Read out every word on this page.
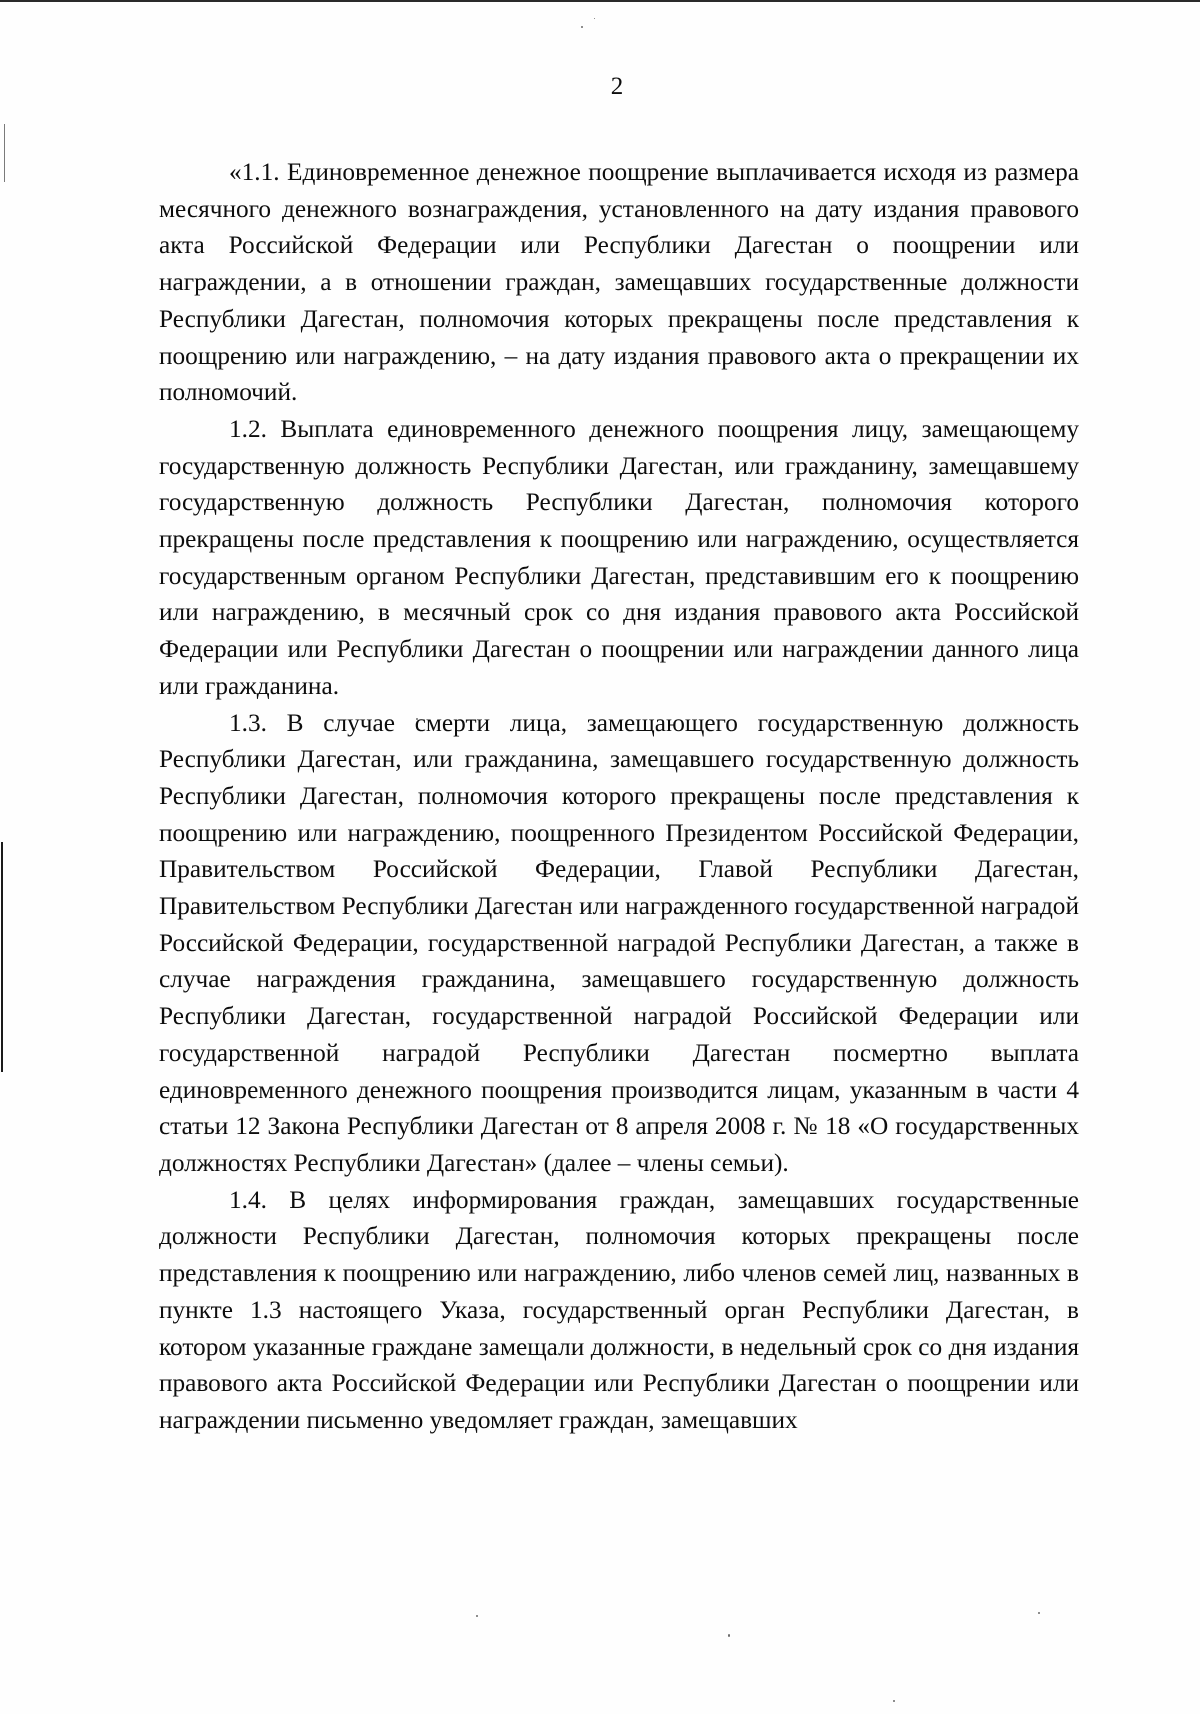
2

«1.1. Единовременное денежное поощрение выплачивается исходя из размера месячного денежного вознаграждения, установленного на дату издания правового акта Российской Федерации или Республики Дагестан о поощрении или награждении, а в отношении граждан, замещавших государственные должности Республики Дагестан, полномочия которых прекращены после представления к поощрению или награждению, – на дату издания правового акта о прекращении их полномочий.

1.2. Выплата единовременного денежного поощрения лицу, замещающему государственную должность Республики Дагестан, или гражданину, замещавшему государственную должность Республики Дагестан, полномочия которого прекращены после представления к поощрению или награждению, осуществляется государственным органом Республики Дагестан, представившим его к поощрению или награждению, в месячный срок со дня издания правового акта Российской Федерации или Республики Дагестан о поощрении или награждении данного лица или гражданина.

1.3. В случае смерти лица, замещающего государственную должность Республики Дагестан, или гражданина, замещавшего государственную должность Республики Дагестан, полномочия которого прекращены после представления к поощрению или награждению, поощренного Президентом Российской Федерации, Правительством Российской Федерации, Главой Республики Дагестан, Правительством Республики Дагестан или награжденного государственной наградой Российской Федерации, государственной наградой Республики Дагестан, а также в случае награждения гражданина, замещавшего государственную должность Республики Дагестан, государственной наградой Российской Федерации или государственной наградой Республики Дагестан посмертно выплата единовременного денежного поощрения производится лицам, указанным в части 4 статьи 12 Закона Республики Дагестан от 8 апреля 2008 г. № 18 «О государственных должностях Республики Дагестан» (далее – члены семьи).

1.4. В целях информирования граждан, замещавших государственные должности Республики Дагестан, полномочия которых прекращены после представления к поощрению или награждению, либо членов семей лиц, названных в пункте 1.3 настоящего Указа, государственный орган Республики Дагестан, в котором указанные граждане замещали должности, в недельный срок со дня издания правового акта Российской Федерации или Республики Дагестан о поощрении или награждении письменно уведомляет граждан, замещавших
